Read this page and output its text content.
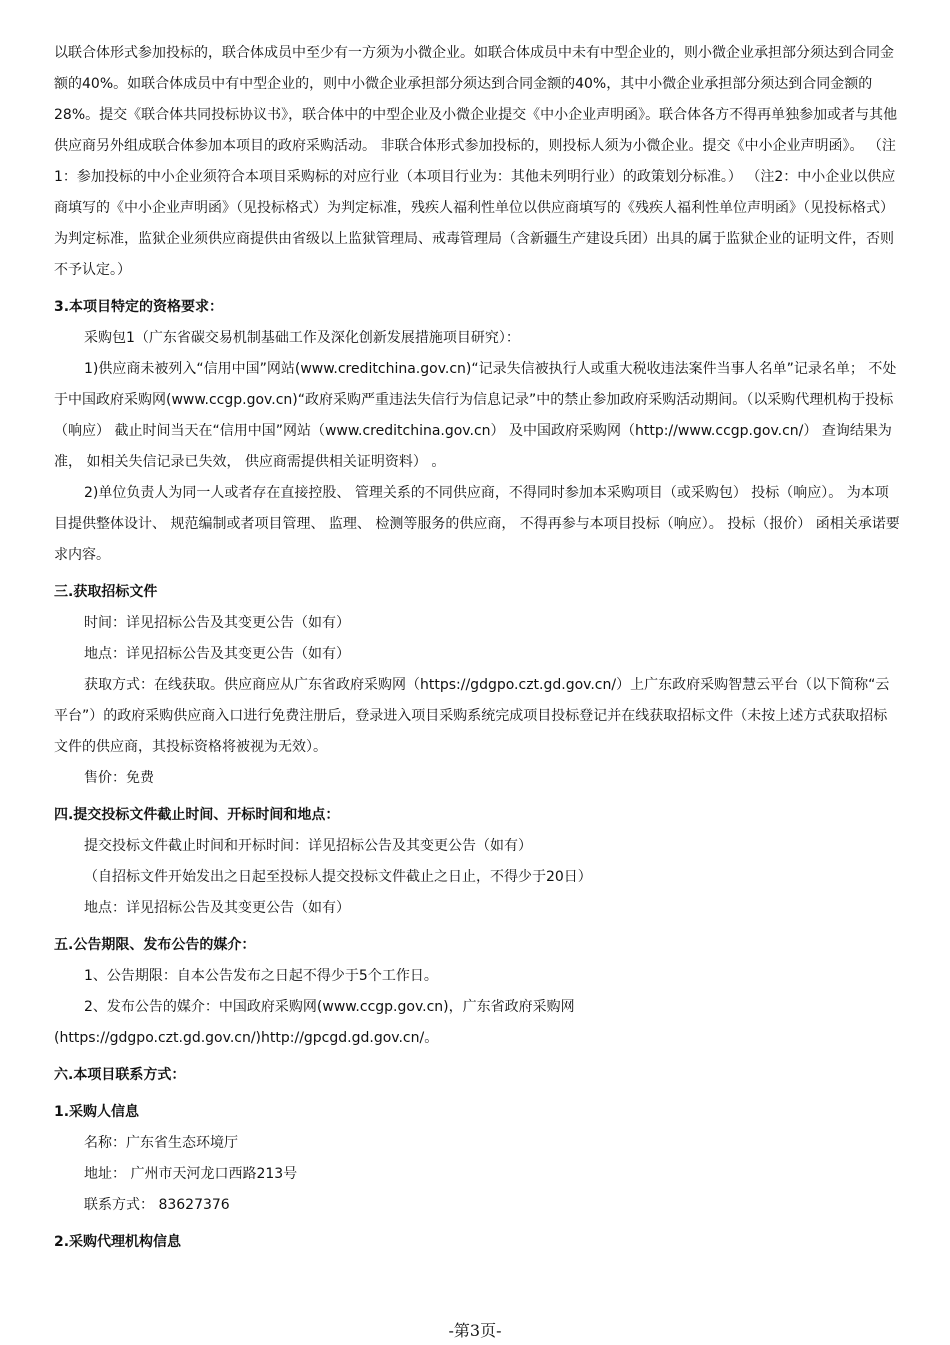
以联合体形式参加投标的，联合体成员中至少有一方须为小微企业。如联合体成员中未有中型企业的，则小微企业承担部分须达到合同金额的40%。如联合体成员中有中型企业的，则中小微企业承担部分须达到合同金额的40%，其中小微企业承担部分须达到合同金额的28%。提交《联合体共同投标协议书》，联合体中的中型企业及小微企业提交《中小企业声明函》。联合体各方不得再单独参加或者与其他供应商另外组成联合体参加本项目的政府采购活动。 非联合体形式参加投标的，则投标人须为小微企业。提交《中小企业声明函》。 （注1：参加投标的中小企业须符合本项目采购标的对应行业（本项目行业为：其他未列明行业）的政策划分标准。） （注2：中小企业以供应商填写的《中小企业声明函》（见投标格式）为判定标准，残疾人福利性单位以供应商填写的《残疾人福利性单位声明函》（见投标格式）为判定标准，监狱企业须供应商提供由省级以上监狱管理局、戒毒管理局（含新疆生产建设兵团）出具的属于监狱企业的证明文件，否则不予认定。）

3.本项目特定的资格要求：

采购包1（广东省碳交易机制基础工作及深化创新发展措施项目研究）：

1)供应商未被列入“信用中国”网站(www.creditchina.gov.cn)“记录失信被执行人或重大税收违法案件当事人名单”记录名单； 不处于中国政府采购网(www.ccgp.gov.cn)“政府采购严重违法失信行为信息记录”中的禁止参加政府采购活动期间。（以采购代理机构于投标（响应） 截止时间当天在“信用中国”网站（www.creditchina.gov.cn） 及中国政府采购网（http://www.ccgp.gov.cn/） 查询结果为准， 如相关失信记录已失效， 供应商需提供相关证明资料） 。

2)单位负责人为同一人或者存在直接控股、 管理关系的不同供应商，不得同时参加本采购项目（或采购包） 投标（响应）。 为本项目提供整体设计、 规范编制或者项目管理、 监理、 检测等服务的供应商， 不得再参与本项目投标（响应）。 投标（报价） 函相关承诺要求内容。

三.获取招标文件

时间：详见招标公告及其变更公告（如有）

地点：详见招标公告及其变更公告（如有）

获取方式：在线获取。供应商应从广东省政府采购网（https://gdgpo.czt.gd.gov.cn/）上广东政府采购智慧云平台（以下简称“云平台”）的政府采购供应商入口进行免费注册后，登录进入项目采购系统完成项目投标登记并在线获取招标文件（未按上述方式获取招标文件的供应商，其投标资格将被视为无效）。

售价：免费

四.提交投标文件截止时间、开标时间和地点：

提交投标文件截止时间和开标时间：详见招标公告及其变更公告（如有）

（自招标文件开始发出之日起至投标人提交投标文件截止之日止，不得少于20日）

地点：详见招标公告及其变更公告（如有）

五.公告期限、发布公告的媒介：

1、公告期限：自本公告发布之日起不得少于5个工作日。

2、发布公告的媒介：中国政府采购网(www.ccgp.gov.cn)，广东省政府采购网(https://gdgpo.czt.gd.gov.cn/)http://gpcgd.gd.gov.cn/。

六.本项目联系方式：

1.采购人信息

名称：广东省生态环境厅

地址： 广州市天河龙口西路213号

联系方式： 83627376

2.采购代理机构信息

-第3页-
